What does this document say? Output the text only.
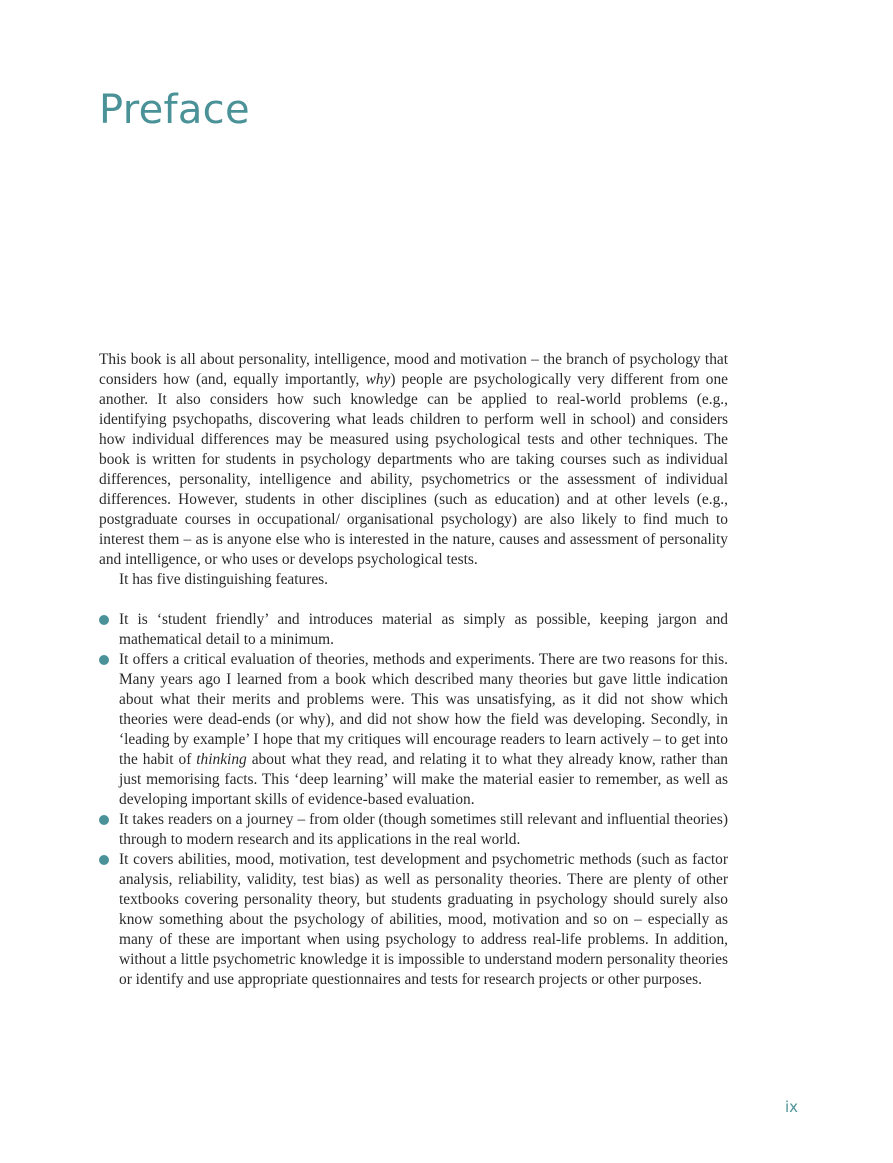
Preface

This book is all about personality, intelligence, mood and motivation – the branch of psychology that considers how (and, equally importantly, why) people are psychologically very different from one another. It also considers how such knowledge can be applied to real-world problems (e.g., identifying psychopaths, discovering what leads children to perform well in school) and considers how individual differences may be measured using psychological tests and other techniques. The book is written for students in psychology departments who are taking courses such as individual differences, personality, intelligence and ability, psychometrics or the assessment of individual differences. However, students in other disciplines (such as education) and at other levels (e.g., postgraduate courses in occupational/ organisational psychology) are also likely to find much to interest them – as is anyone else who is interested in the nature, causes and assessment of personality and intelligence, or who uses or develops psychological tests.

It has five distinguishing features.

It is ‘student friendly’ and introduces material as simply as possible, keeping jargon and mathematical detail to a minimum.
It offers a critical evaluation of theories, methods and experiments. There are two reasons for this. Many years ago I learned from a book which described many theories but gave little indication about what their merits and problems were. This was unsatisfying, as it did not show which theories were dead-ends (or why), and did not show how the field was developing. Secondly, in ‘leading by example’ I hope that my critiques will encourage readers to learn actively – to get into the habit of thinking about what they read, and relating it to what they already know, rather than just memorising facts. This ‘deep learning’ will make the material easier to remember, as well as developing important skills of evidence-based evaluation.
It takes readers on a journey – from older (though sometimes still relevant and influential theories) through to modern research and its applications in the real world.
It covers abilities, mood, motivation, test development and psychometric methods (such as factor analysis, reliability, validity, test bias) as well as personality theories. There are plenty of other textbooks covering personality theory, but students graduating in psychology should surely also know something about the psychology of abilities, mood, motivation and so on – especially as many of these are important when using psychology to address real-life problems. In addition, without a little psychometric knowledge it is impossible to understand modern personality theories or identify and use appropriate questionnaires and tests for research projects or other purposes.
ix
